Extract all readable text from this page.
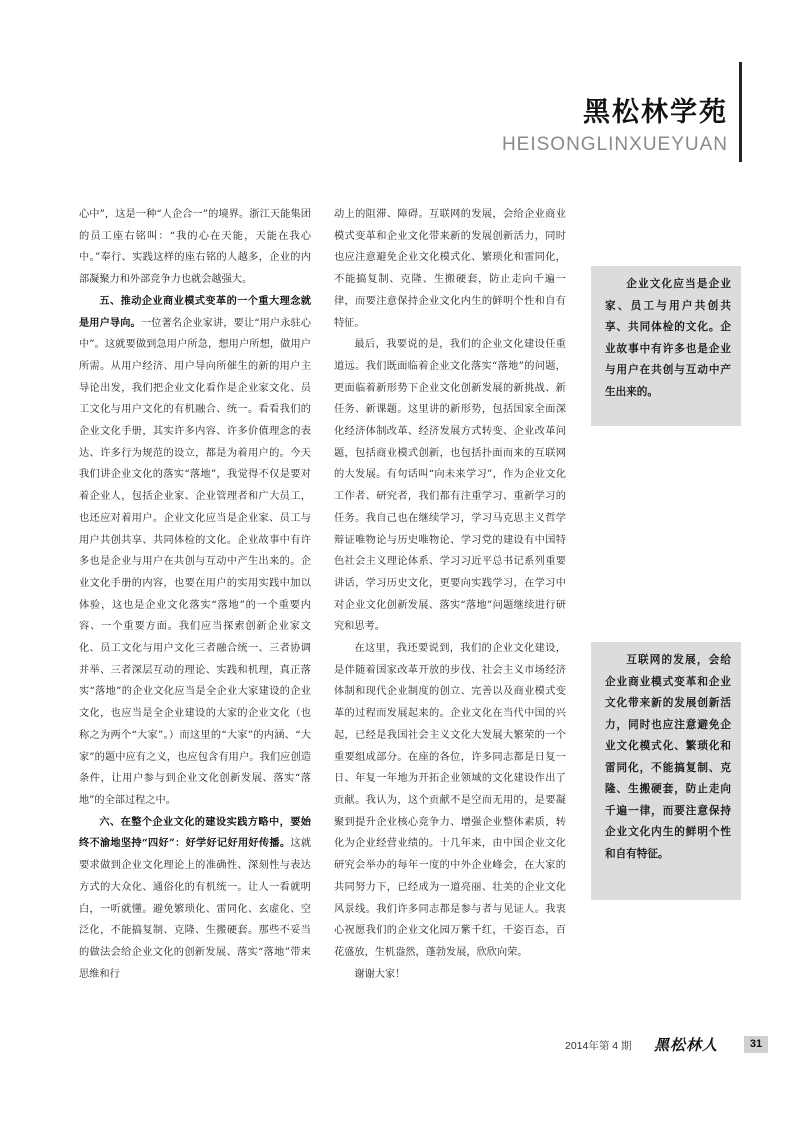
黑松林学苑
HEISONGLINXUEYUAN

心中”，这是一种“人企合一”的境界。浙江天能集团的员工座右铭叫：“我的心在天能，天能在我心中。”奉行、实践这样的座右铭的人越多，企业的内部凝聚力和外部竞争力也就会越强大。

五、推动企业商业模式变革的一个重大理念就是用户导向。一位著名企业家讲，要让“用户永驻心中”。这就要做到急用户所急，想用户所想，做用户所需。从用户经济、用户导向所催生的新的用户主导论出发，我们把企业文化看作是企业家文化、员工文化与用户文化的有机融合、统一。看看我们的企业文化手册，其实许多内容、许多价值理念的表达、许多行为规范的设立，都是为着用户的。今天我们讲企业文化的落实“落地”，我觉得不仅是要对着企业人，包括企业家、企业管理者和广大员工，也还应对着用户。企业文化应当是企业家、员工与用户共创共享、共同体检的文化。企业故事中有许多也是企业与用户在共创与互动中产生出来的。企业文化手册的内容，也要在用户的实用实践中加以体验，这也是企业文化落实“落地”的一个重要内容、一个重要方面。我们应当探索创新企业家文化、员工文化与用户文化三者融合统一、三者协调并举、三者深层互动的理论、实践和机理，真正落实“落地”的企业文化应当是全企业大家建设的企业文化，也应当是全企业建设的大家的企业文化（也称之为两个“大家”。）而这里的“大家”的内涵、“大家”的题中应有之义，也应包含有用户。我们应创造条件，让用户参与到企业文化创新发展、落实“落地”的全部过程之中。

六、在整个企业文化的建设实践方略中，要始终不渝地坚持“四好”：好学好记好用好传播。这就要求做到企业文化理论上的准确性、深刻性与表达方式的大众化、通俗化的有机统一。让人一看就明白，一听就懂。避免繁琐化、雷同化、玄虚化、空泛化，不能搞复制、克隆、生搬硬套。那些不妥当的做法会给企业文化的创新发展、落实“落地”带来思维和行

动上的阻滞、障碍。互联网的发展，会给企业商业模式变革和企业文化带来新的发展创新活力，同时也应注意避免企业文化模式化、繁琐化和雷同化，不能搞复制、克隆、生搬硬套，防止走向千遍一律，而要注意保持企业文化内生的鲜明个性和自有特征。

最后，我要说的是，我们的企业文化建设任重道远。我们既面临着企业文化落实“落地”的问题，更面临着新形势下企业文化创新发展的新挑战、新任务、新课题。这里讲的新形势，包括国家全面深化经济体制改革、经济发展方式转变、企业改革问题，包括商业模式创新，也包括扑面而来的互联网的大发展。有句话叫“向未来学习”，作为企业文化工作者、研究者，我们都有注重学习、重新学习的任务。我自己也在继续学习，学习马克思主义哲学辩证唯物论与历史唯物论、学习党的建设有中国特色社会主义理论体系、学习习近平总书记系列重要讲话，学习历史文化，更要向实践学习，在学习中对企业文化创新发展、落实“落地”问题继续进行研究和思考。

在这里，我还要说到，我们的企业文化建设，是伴随着国家改革开放的步伐、社会主义市场经济体制和现代企业制度的创立、完善以及商业模式变革的过程而发展起来的。企业文化在当代中国的兴起，已经是我国社会主义文化大发展大繁荣的一个重要组成部分。在座的各位，许多同志都是日复一日、年复一年地为开拓企业领域的文化建设作出了贡献。我认为，这个贡献不是空而无用的，是要凝聚到提升企业核心竞争力、增强企业整体素质，转化为企业经营业绩的。十几年来，由中国企业文化研究会举办的每年一度的中外企业峰会，在大家的共同努力下，已经成为一道亮丽、壮美的企业文化风景线。我们许多同志都是参与者与见证人。我衷心祝愿我们的企业文化园万紫千红，千姿百态，百花盛放，生机盎然，蓬勃发展，欣欣向荣。

谢谢大家！

企业文化应当是企业家、员工与用户共创共享、共同体检的文化。企业故事中有许多也是企业与用户在共创与互动中产生出来的。

互联网的发展，会给企业商业模式变革和企业文化带来新的发展创新活力，同时也应注意避免企业文化模式化、繁琐化和雷同化，不能搞复制、克隆、生搬硬套，防止走向千遍一律，而要注意保持企业文化内生的鲜明个性和自有特征。

2014年第 4 期 黑松林人	31
